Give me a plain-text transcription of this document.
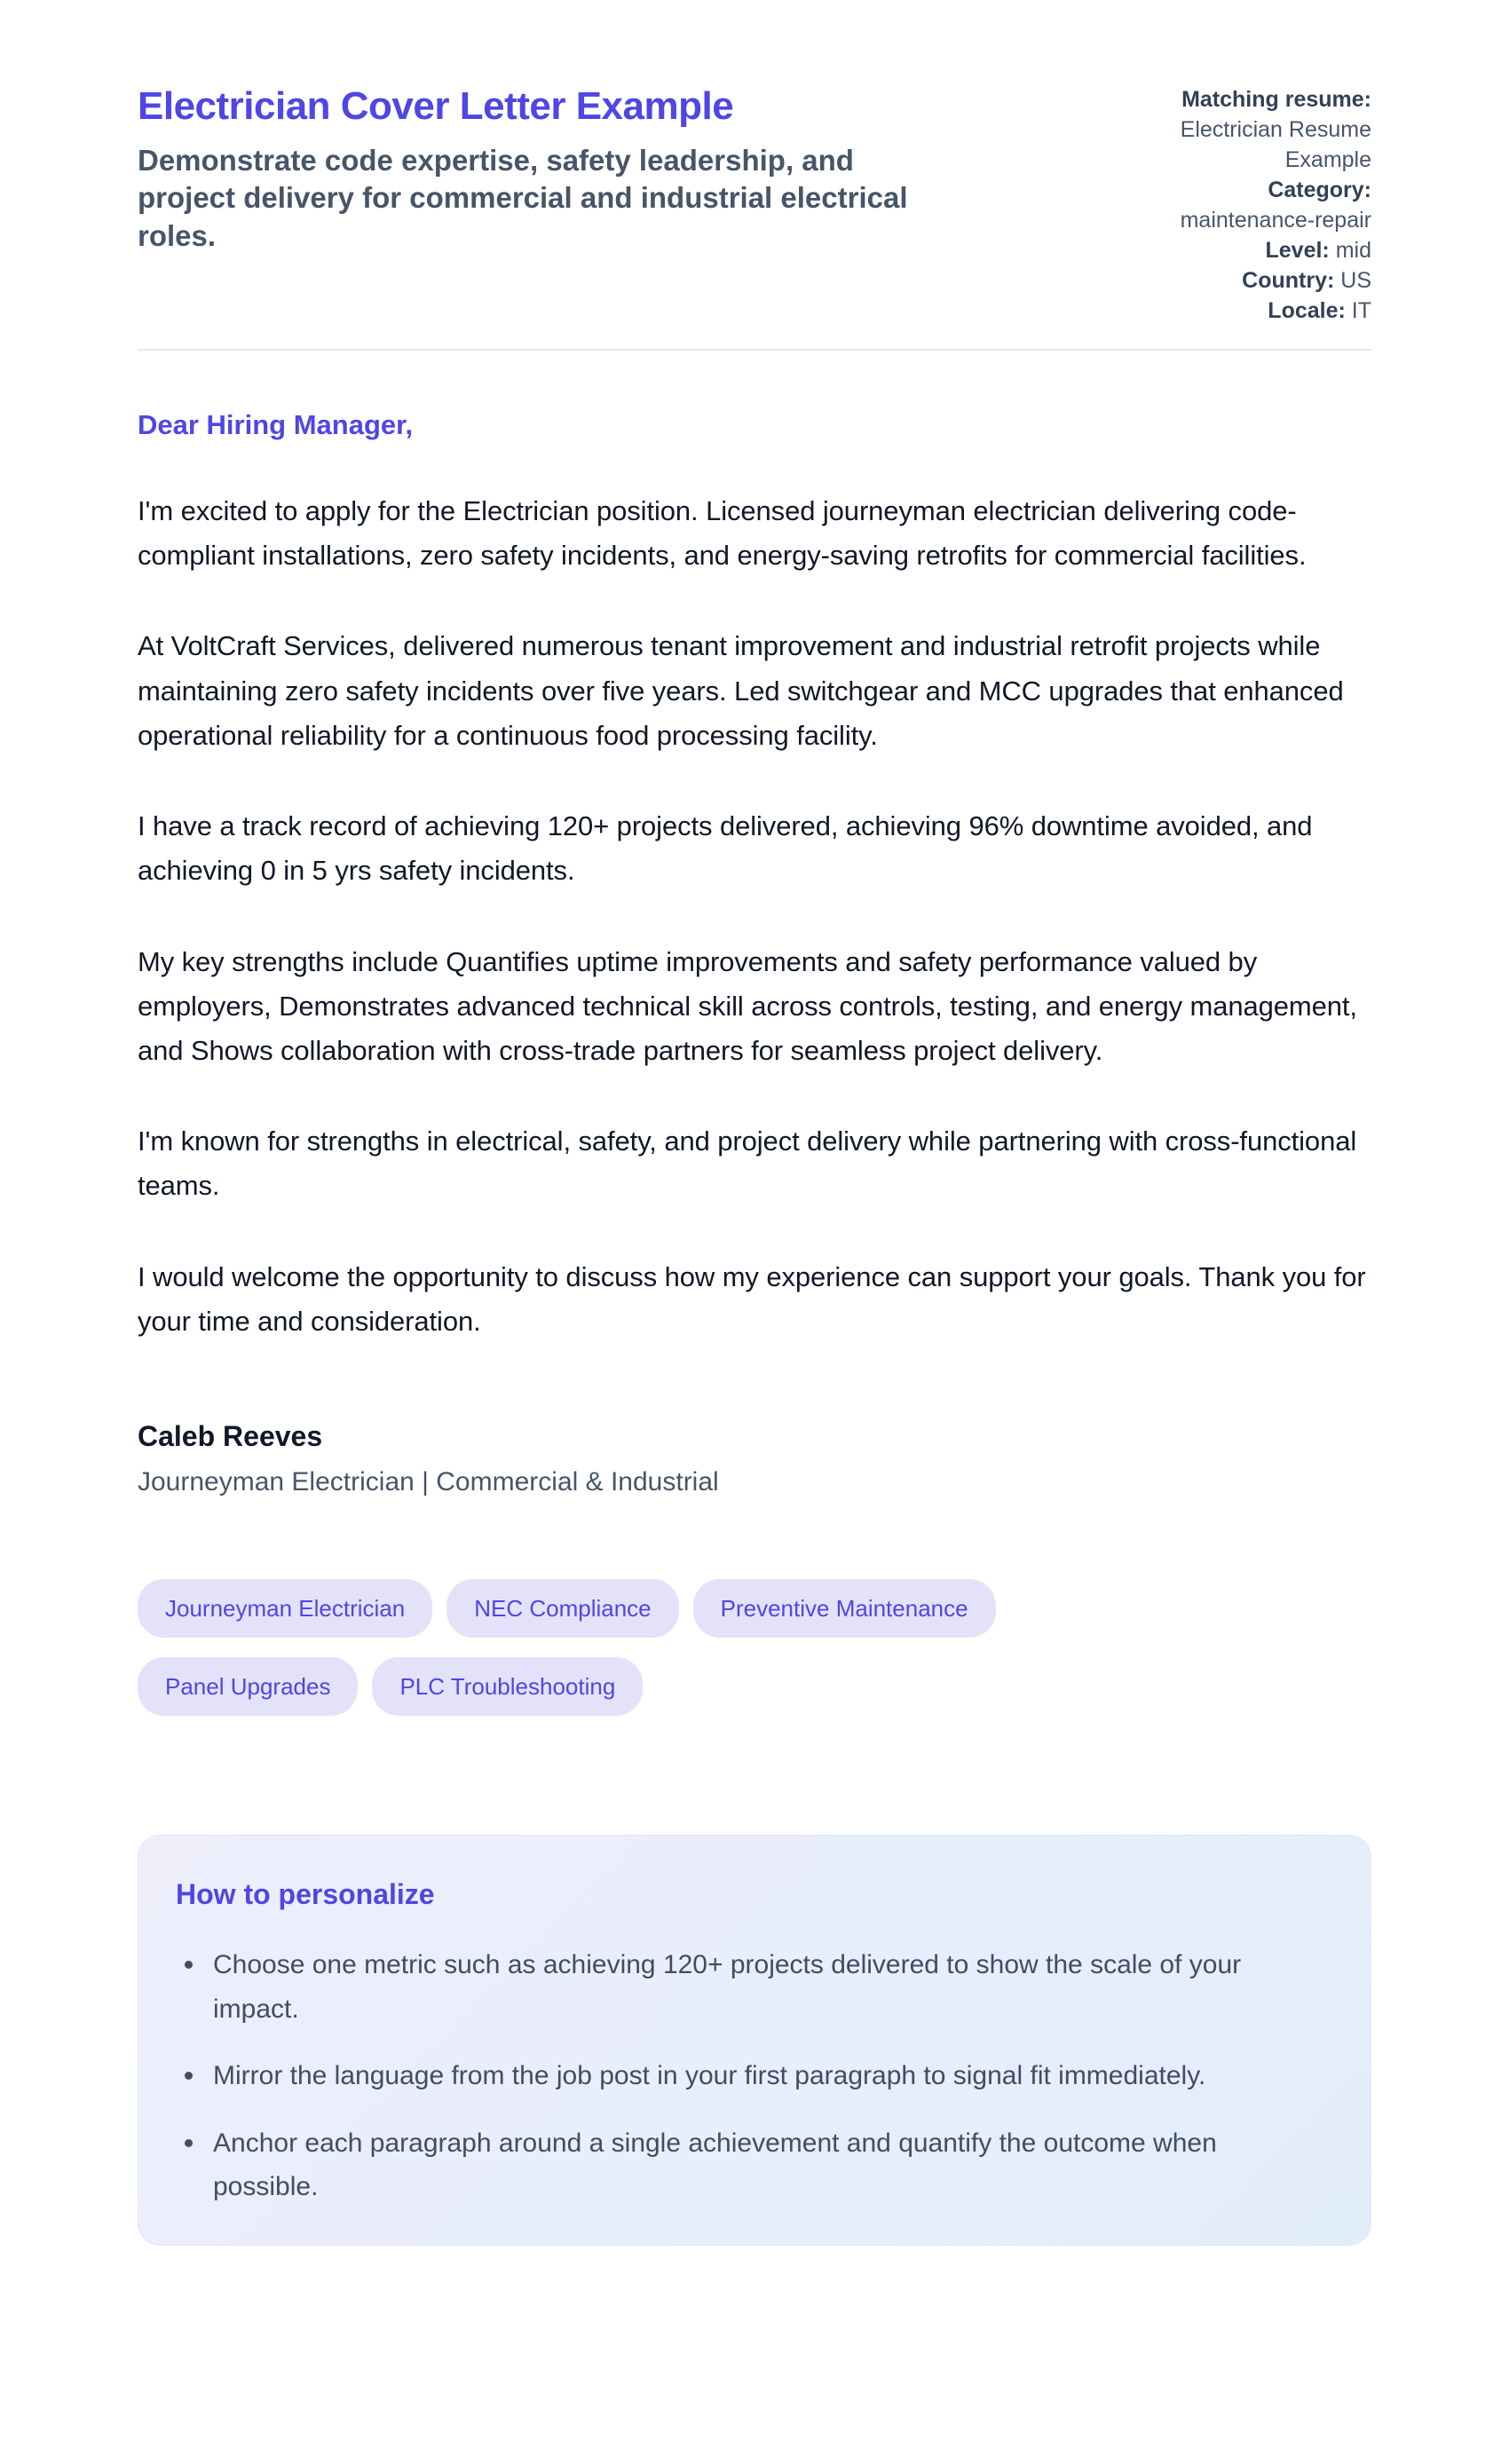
Electrician Cover Letter Example
Demonstrate code expertise, safety leadership, and project delivery for commercial and industrial electrical roles.
Matching resume:
Electrician Resume Example
Category:
maintenance-repair
Level: mid
Country: US
Locale: IT
Dear Hiring Manager,

I'm excited to apply for the Electrician position. Licensed journeyman electrician delivering code-compliant installations, zero safety incidents, and energy-saving retrofits for commercial facilities.

At VoltCraft Services, delivered numerous tenant improvement and industrial retrofit projects while maintaining zero safety incidents over five years. Led switchgear and MCC upgrades that enhanced operational reliability for a continuous food processing facility.

I have a track record of achieving 120+ projects delivered, achieving 96% downtime avoided, and achieving 0 in 5 yrs safety incidents.

My key strengths include Quantifies uptime improvements and safety performance valued by employers, Demonstrates advanced technical skill across controls, testing, and energy management, and Shows collaboration with cross-trade partners for seamless project delivery.

I'm known for strengths in electrical, safety, and project delivery while partnering with cross-functional teams.

I would welcome the opportunity to discuss how my experience can support your goals. Thank you for your time and consideration.

Caleb Reeves
Journeyman Electrician | Commercial & Industrial
Journeyman Electrician	NEC Compliance	Preventive Maintenance
Panel Upgrades	PLC Troubleshooting
How to personalize
Choose one metric such as achieving 120+ projects delivered to show the scale of your impact.
Mirror the language from the job post in your first paragraph to signal fit immediately.
Anchor each paragraph around a single achievement and quantify the outcome when possible.
